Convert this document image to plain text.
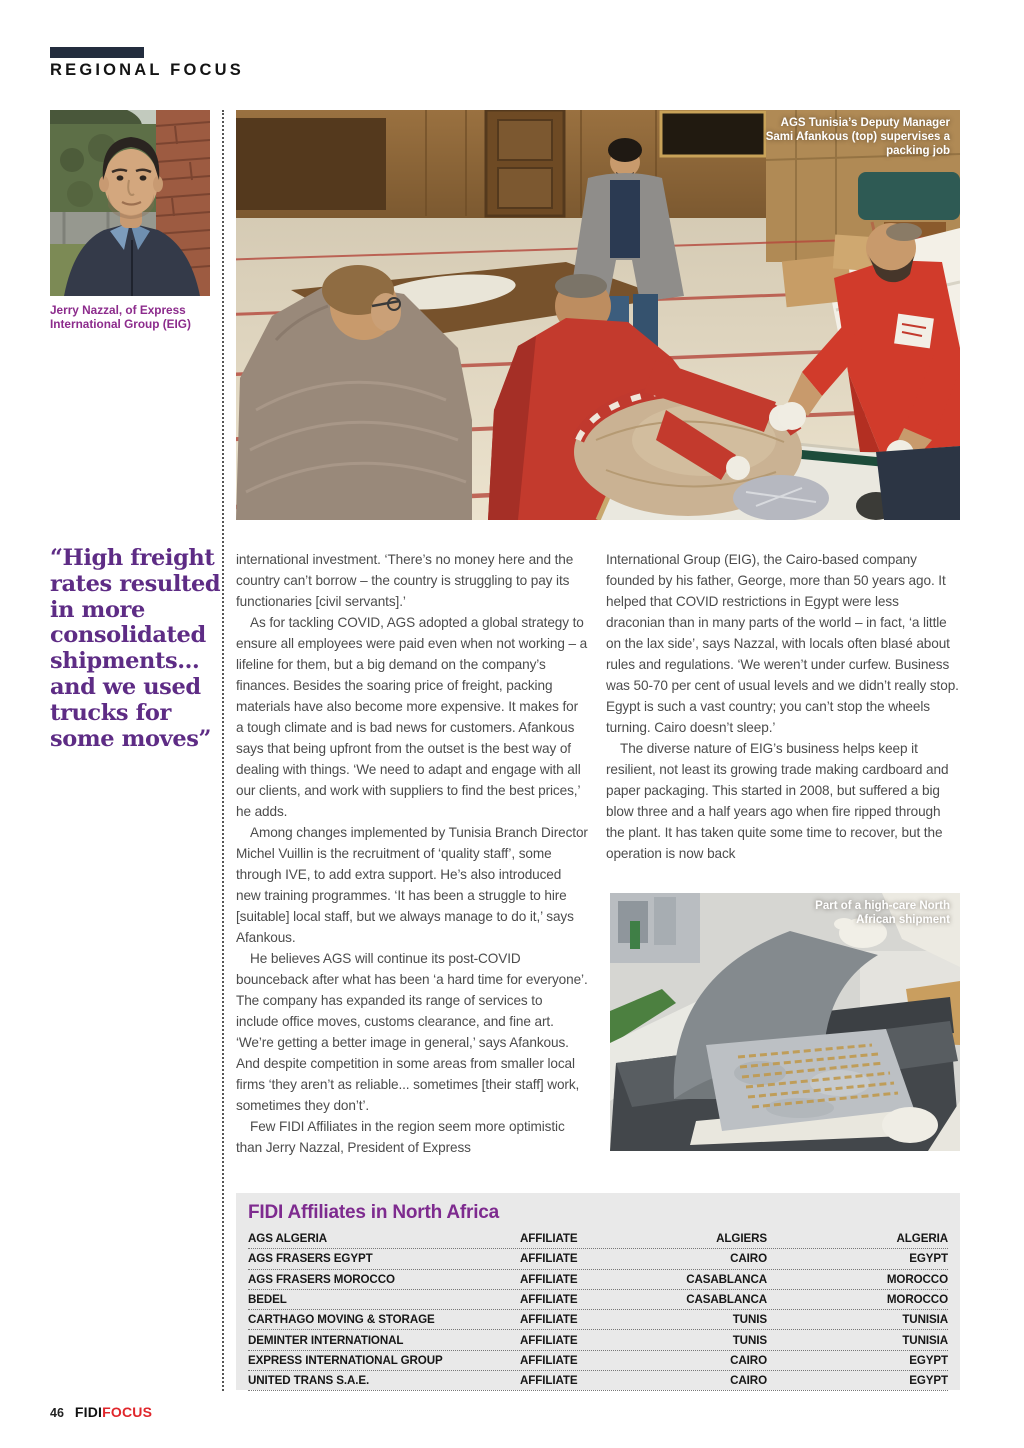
REGIONAL FOCUS

Jerry Nazzal, of Express International Group (EIG)

“High freight rates resulted in more consolidated shipments… and we used trucks for some moves”
AGS Tunisia’s Deputy Manager Sami Afankous (top) supervises a packing job

international investment. ‘There’s no money here and the country can’t borrow – the country is struggling to pay its functionaries [civil servants].’

As for tackling COVID, AGS adopted a global strategy to ensure all employees were paid even when not working – a lifeline for them, but a big demand on the company’s finances. Besides the soaring price of freight, packing materials have also become more expensive. It makes for a tough climate and is bad news for customers. Afankous says that being upfront from the outset is the best way of dealing with things. ‘We need to adapt and engage with all our clients, and work with suppliers to find the best prices,’ he adds.

Among changes implemented by Tunisia Branch Director Michel Vuillin is the recruitment of ‘quality staff’, some through IVE, to add extra support. He’s also introduced new training programmes. ‘It has been a struggle to hire [suitable] local staff, but we always manage to do it,’ says Afankous.

He believes AGS will continue its post-COVID bounceback after what has been ‘a hard time for everyone’. The company has expanded its range of services to include office moves, customs clearance, and fine art. ‘We’re getting a better image in general,’ says Afankous. And despite competition in some areas from smaller local firms ‘they aren’t as reliable... sometimes [their staff] work, sometimes they don’t’.

Few FIDI Affiliates in the region seem more optimistic than Jerry Nazzal, President of Express

International Group (EIG), the Cairo-based company founded by his father, George, more than 50 years ago. It helped that COVID restrictions in Egypt were less draconian than in many parts of the world – in fact, ‘a little on the lax side’, says Nazzal, with locals often blasé about rules and regulations. ‘We weren’t under curfew. Business was 50-70 per cent of usual levels and we didn’t really stop. Egypt is such a vast country; you can’t stop the wheels turning. Cairo doesn’t sleep.’

The diverse nature of EIG’s business helps keep it resilient, not least its growing trade making cardboard and paper packaging. This started in 2008, but suffered a big blow three and a half years ago when fire ripped through the plant. It has taken quite some time to recover, but the operation is now back

Part of a high-care North African shipment
FIDI Affiliates in North Africa
AGS ALGERIA	AFFILIATE	ALGIERS	ALGERIA
AGS FRASERS EGYPT	AFFILIATE	CAIRO	EGYPT
AGS FRASERS MOROCCO	AFFILIATE	CASABLANCA	MOROCCO
BEDEL	AFFILIATE	CASABLANCA	MOROCCO
CARTHAGO MOVING & STORAGE	AFFILIATE	TUNIS	TUNISIA
DEMINTER INTERNATIONAL	AFFILIATE	TUNIS	TUNISIA
EXPRESS INTERNATIONAL GROUP	AFFILIATE	CAIRO	EGYPT
UNITED TRANS S.A.E.	AFFILIATE	CAIRO	EGYPT
46 FIDIFOCUS
